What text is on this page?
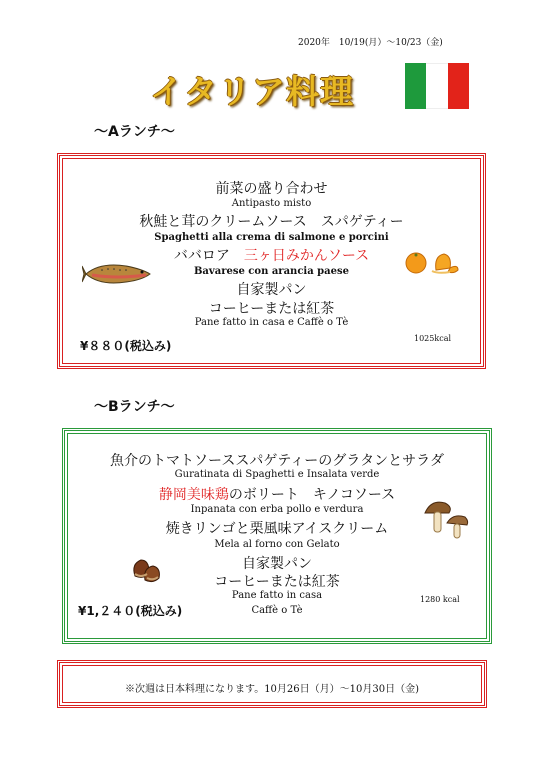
2020年　10/19(月）〜10/23（金)
イタリア料理
〜Aランチ〜
前菜の盛り合わせ
Antipasto misto
秋鮭と茸のクリームソース　スパゲティー
Spaghetti alla crema di salmone e porcini
ババロア　三ヶ日みかんソース
Bavarese con arancia paese
自家製パン
コーヒーまたは紅茶
Pane fatto in casa e Caffè o Tè
¥８８０(税込み)
1025kcal
〜Bランチ〜
魚介のトマトソーススパゲティーのグラタンとサラダ
Guratinata di Spaghetti e Insalata verde
静岡美味鶏のボリート　キノコソース
Inpanata con erba pollo e verdura
焼きリンゴと栗風味アイスクリーム
Mela al forno con Gelato
自家製パン
コーヒーまたは紅茶
Pane fatto in casa
Caffè o Tè
¥1,２４０(税込み)
1280 kcal
※次週は日本料理になります。10月26日（月）〜10月30日（金)
